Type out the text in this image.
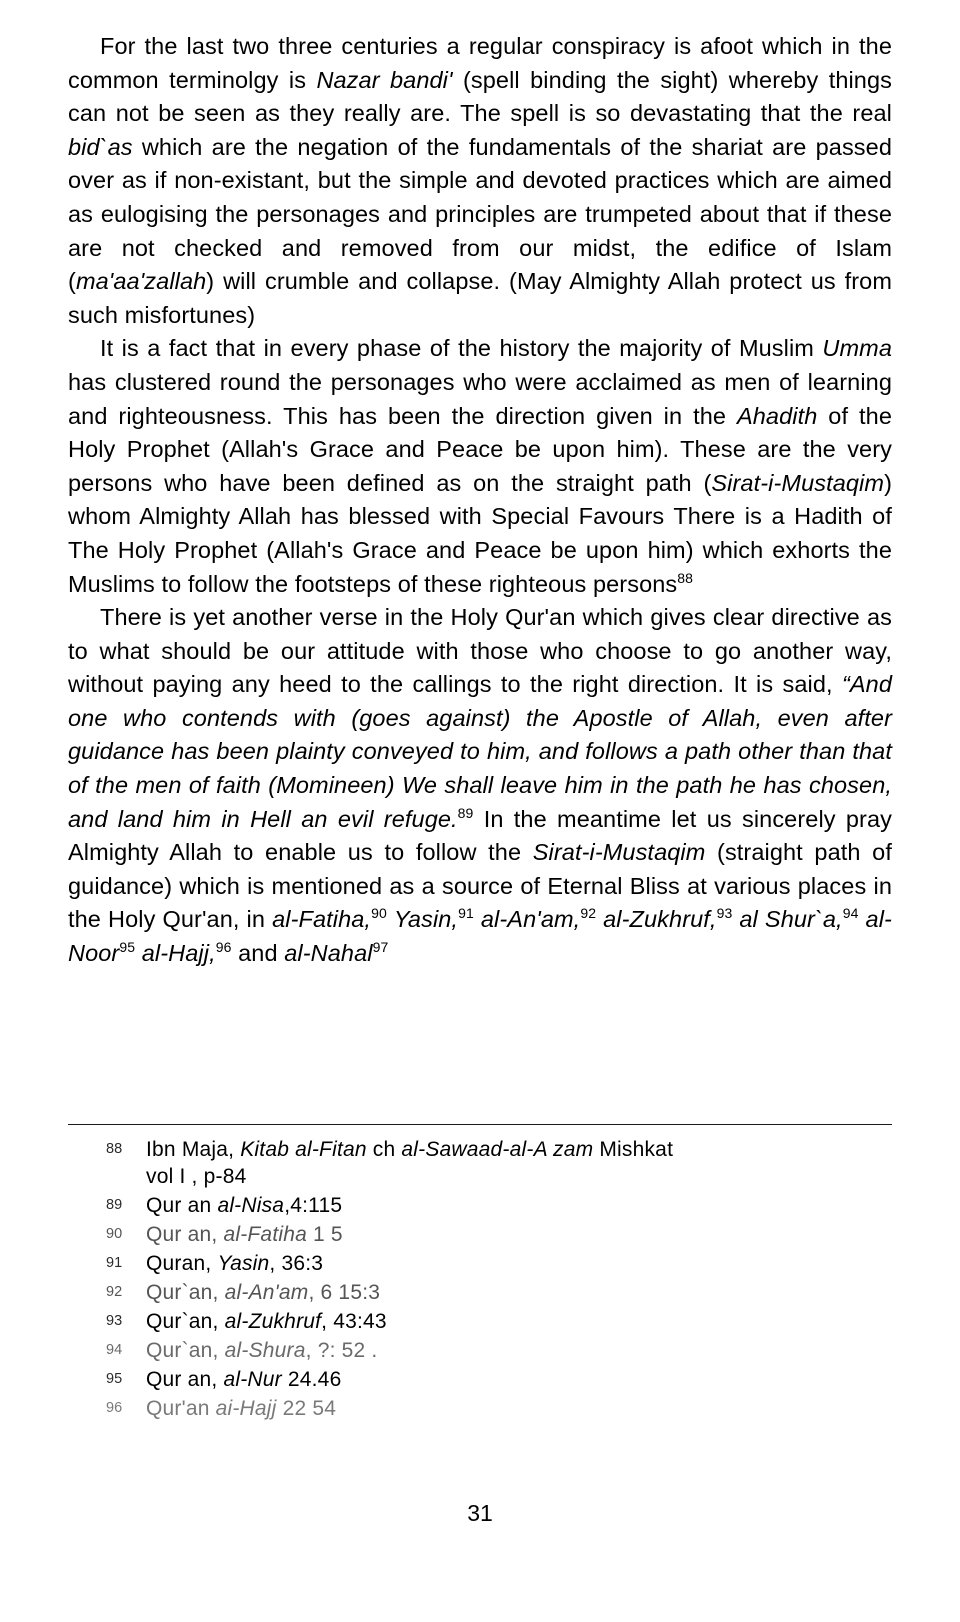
For the last two three centuries a regular conspiracy is afoot which in the common terminolgy is Nazar bandi' (spell binding the sight) whereby things can not be seen as they really are. The spell is so devastating that the real bid`as which are the negation of the fundamentals of the shariat are passed over as if non-existant, but the simple and devoted practices which are aimed as eulogising the personages and principles are trumpeted about that if these are not checked and removed from our midst, the edifice of Islam (ma'aa'zallah) will crumble and collapse. (May Almighty Allah protect us from such misfortunes)

It is a fact that in every phase of the history the majority of Muslim Umma has clustered round the personages who were acclaimed as men of learning and righteousness. This has been the direction given in the Ahadith of the Holy Prophet (Allah's Grace and Peace be upon him). These are the very persons who have been defined as on the straight path (Sirat-i-Mustaqim) whom Almighty Allah has blessed with Special Favours There is a Hadith of The Holy Prophet (Allah's Grace and Peace be upon him) which exhorts the Muslims to follow the footsteps of these righteous persons$^{88}$

There is yet another verse in the Holy Qur'an which gives clear directive as to what should be our attitude with those who choose to go another way, without paying any heed to the callings to the right direction. It is said, “And one who contends with (goes against) the Apostle of Allah, even after guidance has been plainty conveyed to him, and follows a path other than that of the men of faith (Momineen) We shall leave him in the path he has chosen, and land him in Hell an evil refuge.$^{89}$ In the meantime let us sincerely pray Almighty Allah to enable us to follow the Sirat-i-Mustaqim (straight path of guidance) which is mentioned as a source of Eternal Bliss at various places in the Holy Qur'an, in al-Fatiha,$^{90}$ Yasin,$^{91}$ al-An'am,$^{92}$ al-Zukhruf,$^{93}$ al Shur`a,$^{94}$ al-Noor$^{95}$ al-Hajj,$^{96}$ and al-Nahal$^{97}$

88	Ibn Maja, Kitab al-Fitan ch al-Sawaad-al-A zam Mishkat
vol I , p-84
89	Qur an al-Nisa,4:115
90	Qur an, al-Fatiha 1 5
91	Quran, Yasin, 36:3
92	Qur`an, al-An'am, 6 15:3
93	Qur`an, al-Zukhruf, 43:43
94	Qur`an, al-Shura, ?: 52 .
95	Qur an, al-Nur 24.46
96	Qur'an ai-Hajj 22 54
31
